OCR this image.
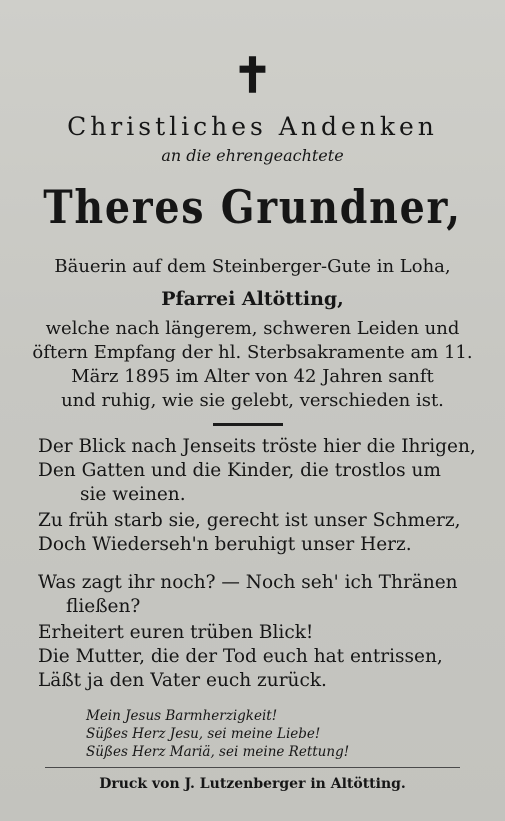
✝
Christliches Andenken
an die ehrengeachtete
Theres Grundner,
Bäuerin auf dem Steinberger-Gute in Loha,
Pfarrei Altötting,
welche nach längerem, schweren Leiden und
öftern Empfang der hl. Sterbsakramente am 11.
März 1895 im Alter von 42 Jahren sanft
und ruhig, wie sie gelebt, verschieden ist.
Der Blick nach Jenseits tröste hier die Ihrigen,
Den Gatten und die Kinder, die trostlos um
sie weinen.
Zu früh starb sie, gerecht ist unser Schmerz,
Doch Wiederseh'n beruhigt unser Herz.
Was zagt ihr noch? — Noch seh' ich Thränen
fließen?
Erheitert euren trüben Blick!
Die Mutter, die der Tod euch hat entrissen,
Läßt ja den Vater euch zurück.
Mein Jesus Barmherzigkeit!
Süßes Herz Jesu, sei meine Liebe!
Süßes Herz Mariä, sei meine Rettung!
Druck von J. Lutzenberger in Altötting.
